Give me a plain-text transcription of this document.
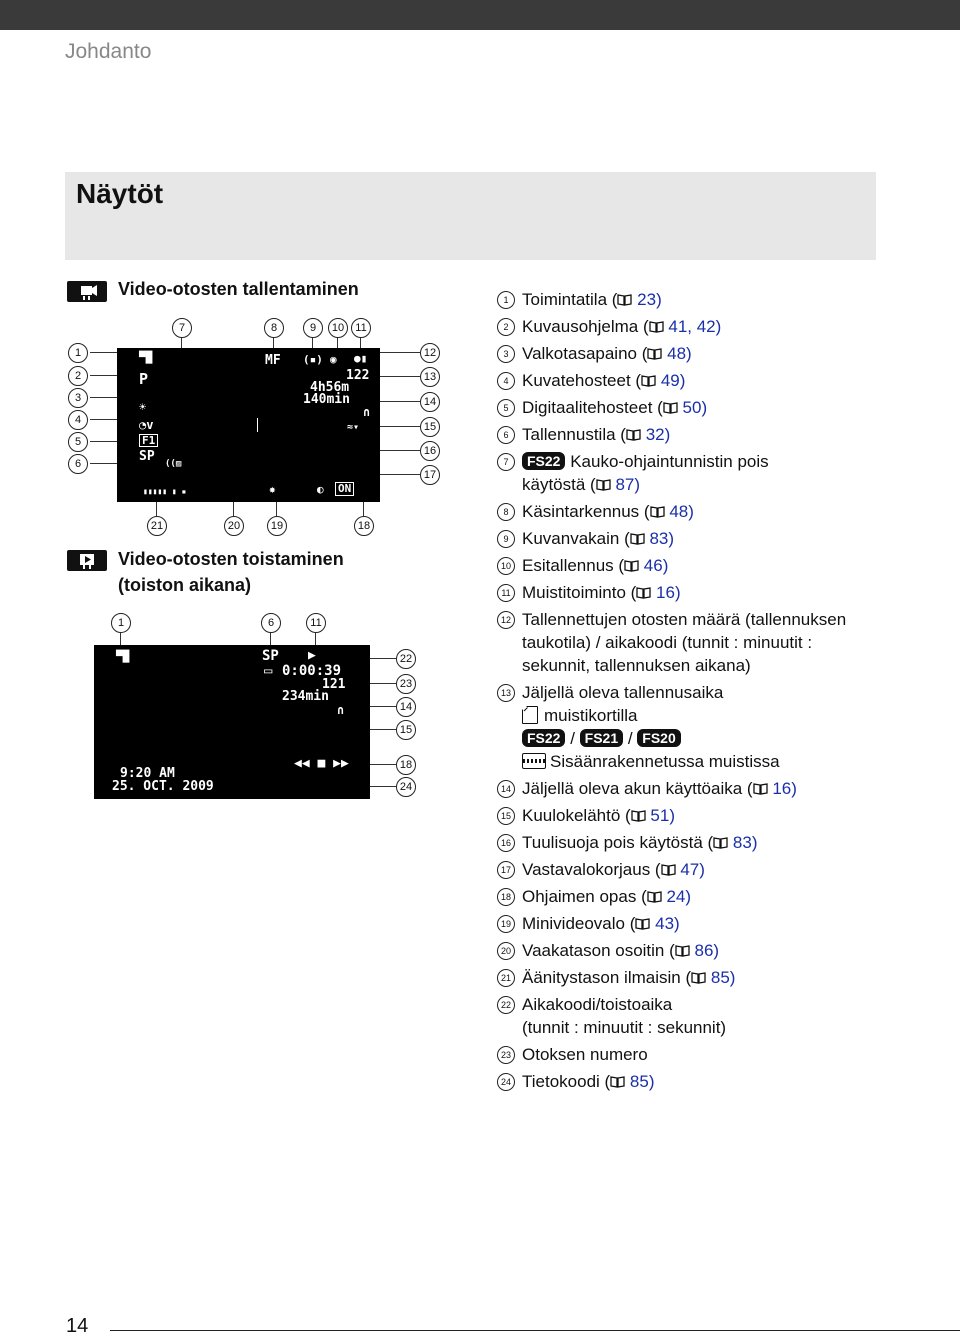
Johdanto
Näytöt
Video-otosten tallentaminen
7	8	9	10	11
1
2
3
4
5
6
12
13
14
15
16
17
21	20	19	18
▀█
P
☀
◔v
F1
SP ((▨
MF (▪) ◉ ●▮
122
4h56m
140min
∩
≈▾
▮▮▮▮▮ ▮ ▪	✸	◐ ON
Video-otosten toistaminen
(toiston aikana)
1	6	11
22
23
14
15
18
24
▀█	SP ▶
▭ 0:00:39
121
234min
∩
◀◀ ■ ▶▶
9:20 AM
25. OCT. 2009
1 Toimintatila ( 23)
2 Kuvausohjelma ( 41, 42)
3 Valkotasapaino ( 48)
4 Kuvatehosteet ( 49)
5 Digitaalitehosteet ( 50)
6 Tallennustila ( 32)
7	FS22 Kauko-ohjaintunnistin pois
käytöstä ( 87)
8 Käsintarkennus ( 48)
9 Kuvanvakain ( 83)
10 Esitallennus ( 46)
11 Muistitoiminto ( 16)
12 Tallennettujen otosten määrä (tallennuksen
taukotila) / aikakoodi (tunnit : minuutit :
sekunnit, tallennuksen aikana)
13 Jäljellä oleva tallennusaika
muistikortilla
FS22 / FS21 / FS20
Sisäänrakennetussa muistissa
14 Jäljellä oleva akun käyttöaika ( 16)
15 Kuulokelähtö ( 51)
16 Tuulisuoja pois käytöstä ( 83)
17 Vastavalokorjaus ( 47)
18 Ohjaimen opas ( 24)
19 Minivideovalo ( 43)
20 Vaakatason osoitin ( 86)
21 Äänitystason ilmaisin ( 85)
22 Aikakoodi/toistoaika
(tunnit : minuutit : sekunnit)
23 Otoksen numero
24 Tietokoodi ( 85)
14
